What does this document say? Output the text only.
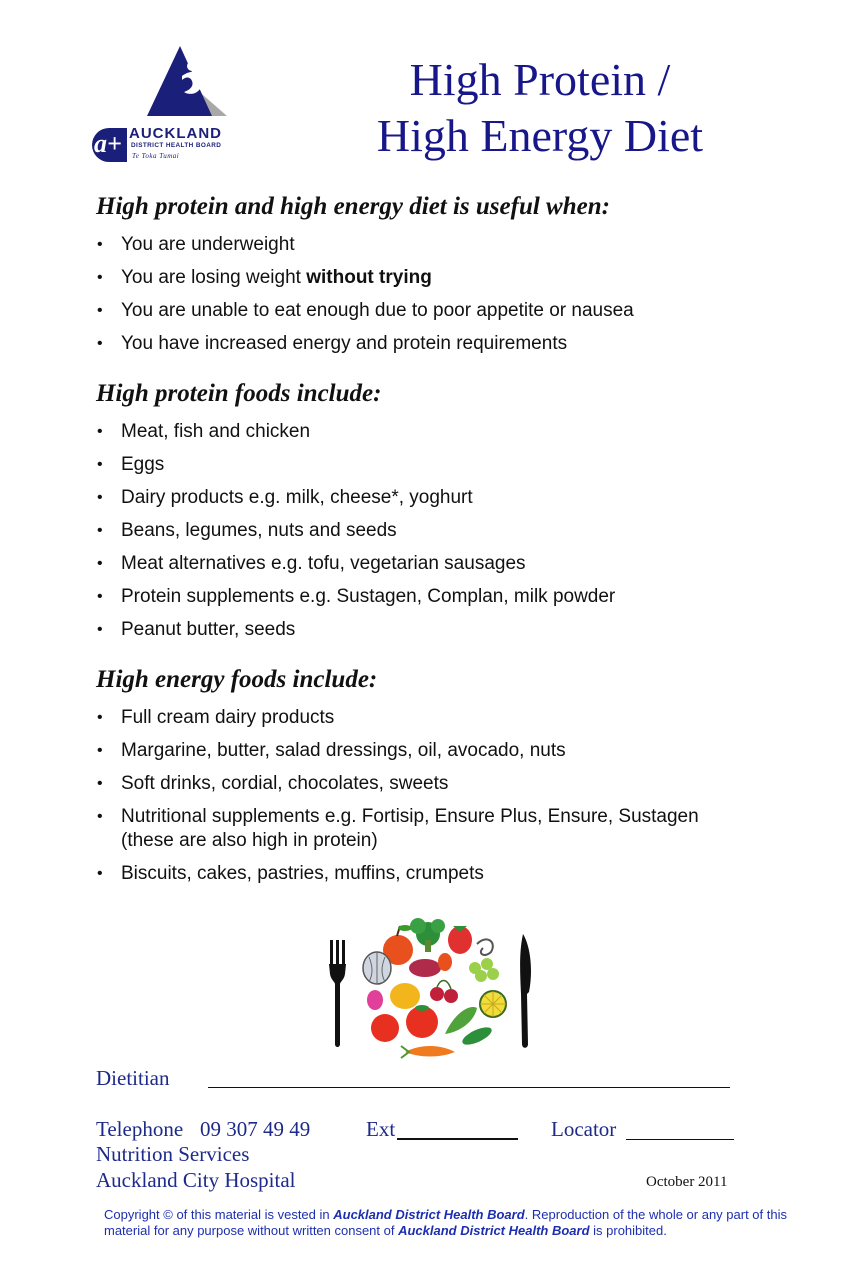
a+ AUCKLAND
DISTRICT HEALTH BOARD
Te Toka Tumai
High Protein /
High Energy Diet
High protein and high energy diet is useful when:
• You are underweight
• You are losing weight without trying
• You are unable to eat enough due to poor appetite or nausea
• You have increased energy and protein requirements
High protein foods include:
• Meat, fish and chicken
• Eggs
• Dairy products e.g. milk, cheese*, yoghurt
• Beans, legumes, nuts and seeds
• Meat alternatives e.g. tofu, vegetarian sausages
• Protein supplements e.g. Sustagen, Complan, milk powder
• Peanut butter, seeds
High energy foods include:
• Full cream dairy products
• Margarine, butter, salad dressings, oil, avocado, nuts
• Soft drinks, cordial, chocolates, sweets
• Nutritional supplements e.g. Fortisip, Ensure Plus, Ensure, Sustagen (these are also high in protein)
• Biscuits, cakes, pastries, muffins, crumpets
Dietitian
Telephone 09 307 49 49	Ext	Locator
Nutrition Services
Auckland City Hospital	October 2011
Copyright © of this material is vested in Auckland District Health Board. Reproduction of the whole or any part of this material for any purpose without written consent of Auckland District Health Board is prohibited.
